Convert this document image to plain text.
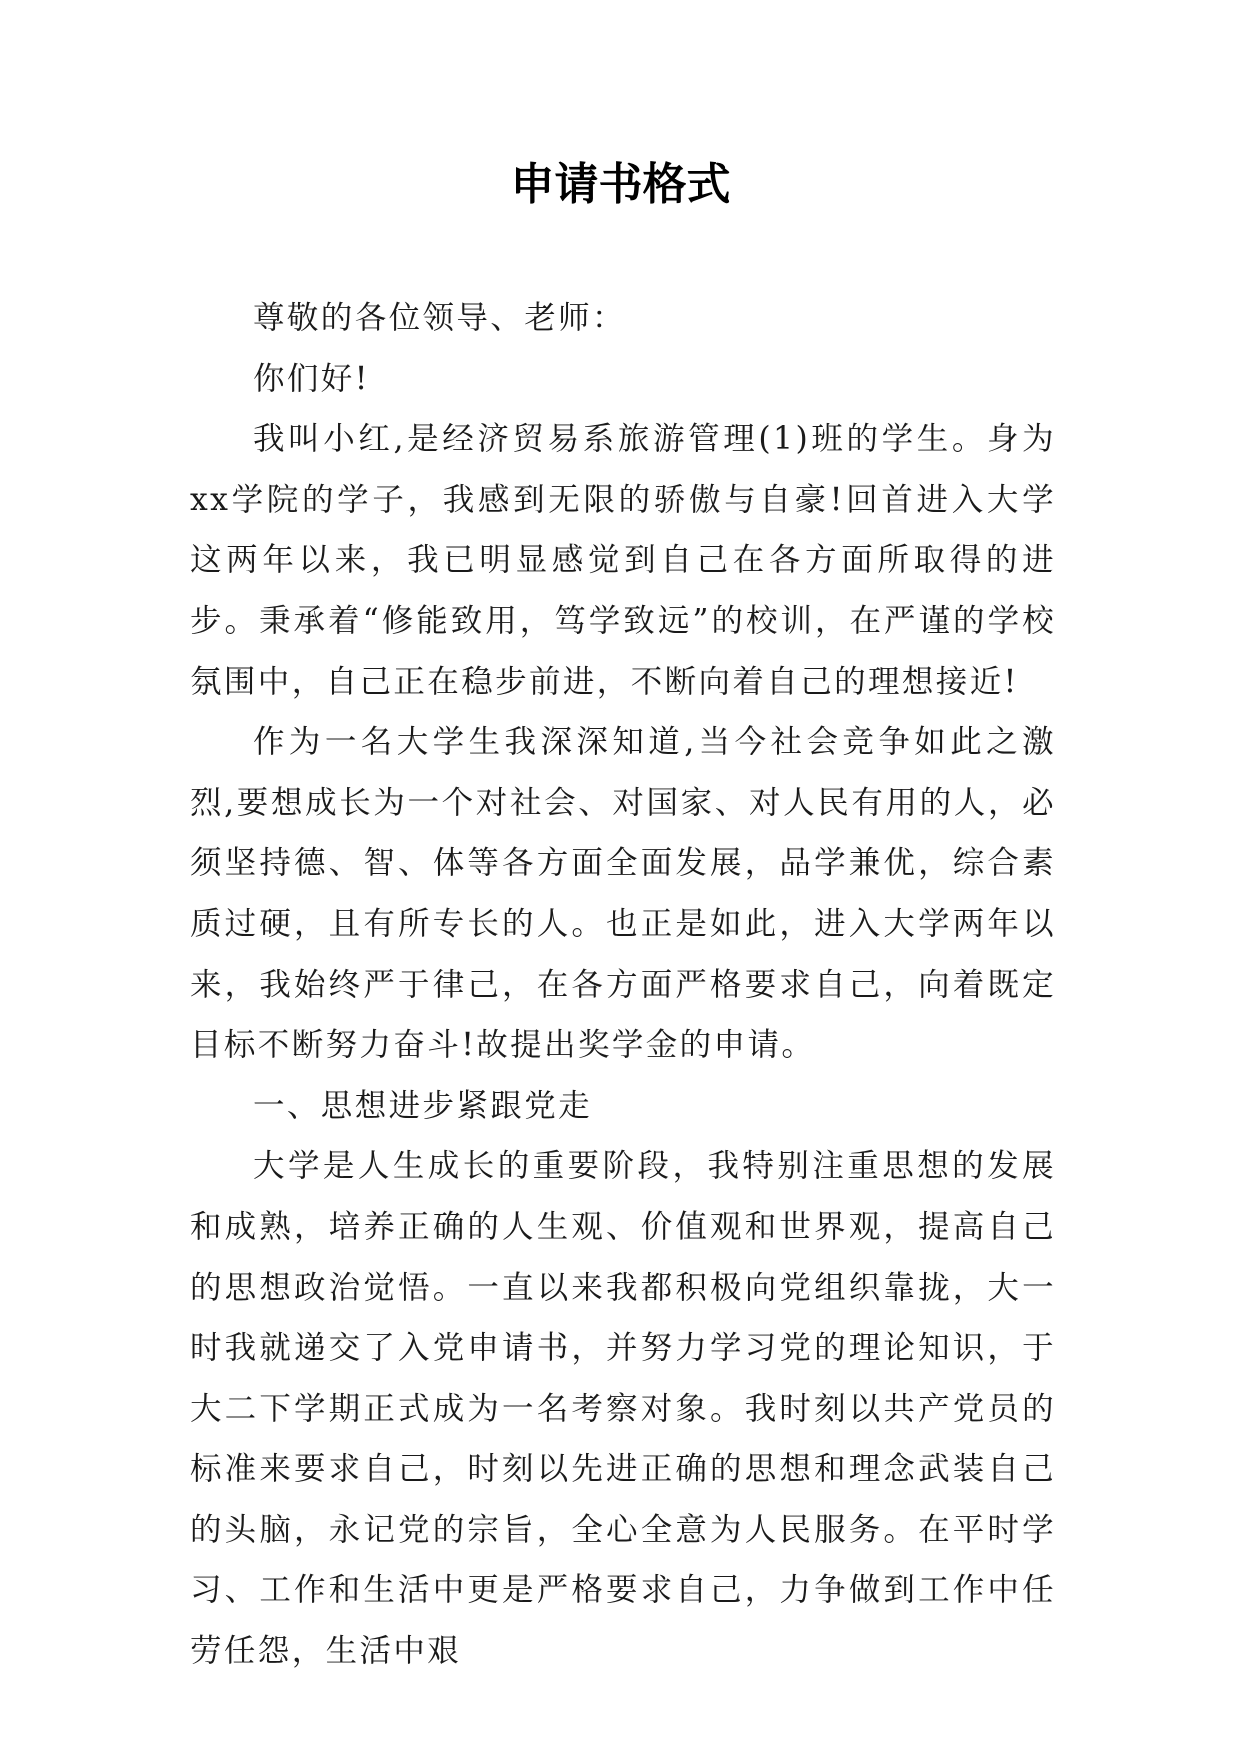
申请书格式

尊敬的各位领导、老师：

你们好!

我叫小红,是经济贸易系旅游管理(1)班的学生。身为xx学院的学子，我感到无限的骄傲与自豪!回首进入大学这两年以来，我已明显感觉到自己在各方面所取得的进步。秉承着“修能致用，笃学致远”的校训，在严谨的学校氛围中，自己正在稳步前进，不断向着自己的理想接近!

作为一名大学生我深深知道,当今社会竞争如此之激烈,要想成长为一个对社会、对国家、对人民有用的人，必须坚持德、智、体等各方面全面发展，品学兼优，综合素质过硬，且有所专长的人。也正是如此，进入大学两年以来，我始终严于律己，在各方面严格要求自己，向着既定目标不断努力奋斗!故提出奖学金的申请。

一、思想进步紧跟党走

大学是人生成长的重要阶段，我特别注重思想的发展和成熟，培养正确的人生观、价值观和世界观，提高自己的思想政治觉悟。一直以来我都积极向党组织靠拢，大一时我就递交了入党申请书，并努力学习党的理论知识，于大二下学期正式成为一名考察对象。我时刻以共产党员的标准来要求自己，时刻以先进正确的思想和理念武装自己的头脑，永记党的宗旨，全心全意为人民服务。在平时学习、工作和生活中更是严格要求自己，力争做到工作中任劳任怨，生活中艰
